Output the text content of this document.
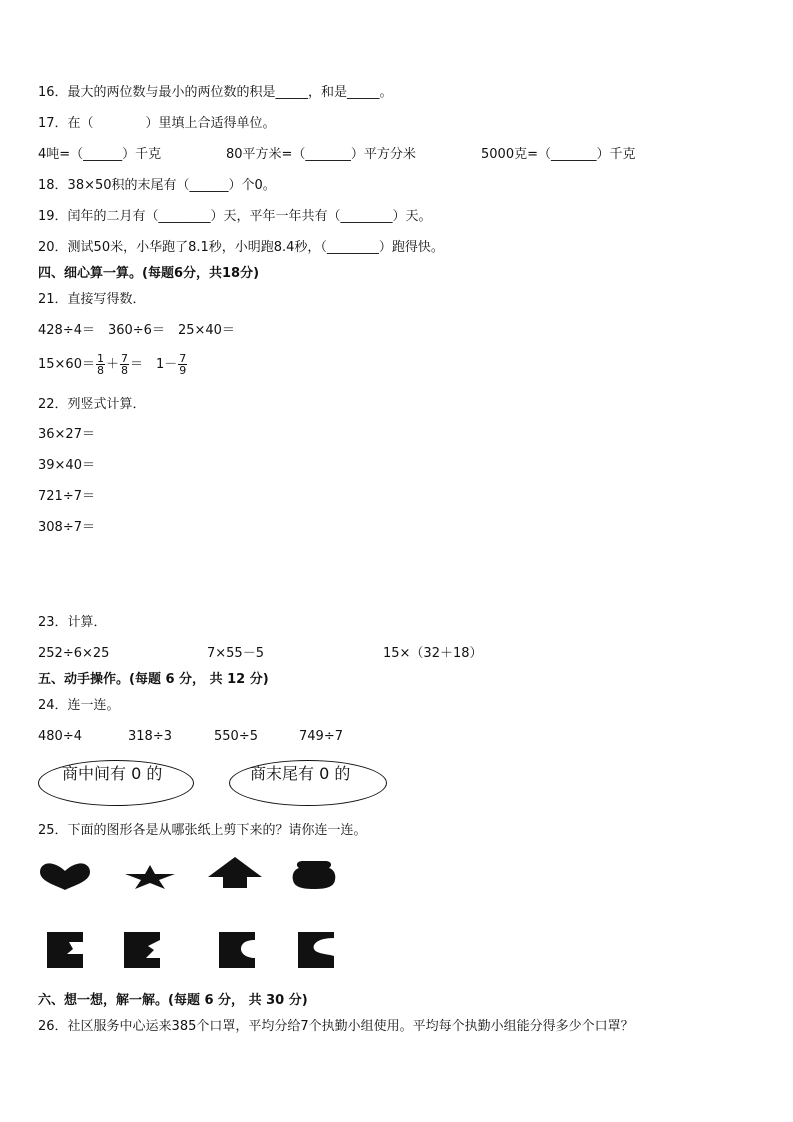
16．最大的两位数与最小的两位数的积是_____，和是_____。
17．在（　　　　）里填上合适得单位。
4吨=（______）千克	80平方米=（_______）平方分米	5000克=（_______）千克
18．38×50积的末尾有（______）个0。
19．闰年的二月有（________）天，平年一年共有（________）天。
20．测试50米，小华跑了8.1秒，小明跑8.4秒，（________）跑得快。
四、细心算一算。(每题6分，共18分)
21．直接写得数．
428÷4＝　360÷6＝　25×40＝
$15\times 60= \frac{1}{8} + \frac{7}{8}$ ＝　$1- \frac{7}{9}$
22．列竖式计算．
36×27＝
39×40＝
721÷7＝
308÷7＝
23．计算．
252÷6×25	7×55－5	15×（32＋18）
五、动手操作。(每题 6 分， 共 12 分)
24．连一连。
480÷4	318÷3	550÷5	749÷7
商中间有 0 的	商末尾有 0 的
25．下面的图形各是从哪张纸上剪下来的？请你连一连。
六、想一想，解一解。(每题 6 分， 共 30 分)
26．社区服务中心运来385个口罩，平均分给7个执勤小组使用。平均每个执勤小组能分得多少个口罩？
